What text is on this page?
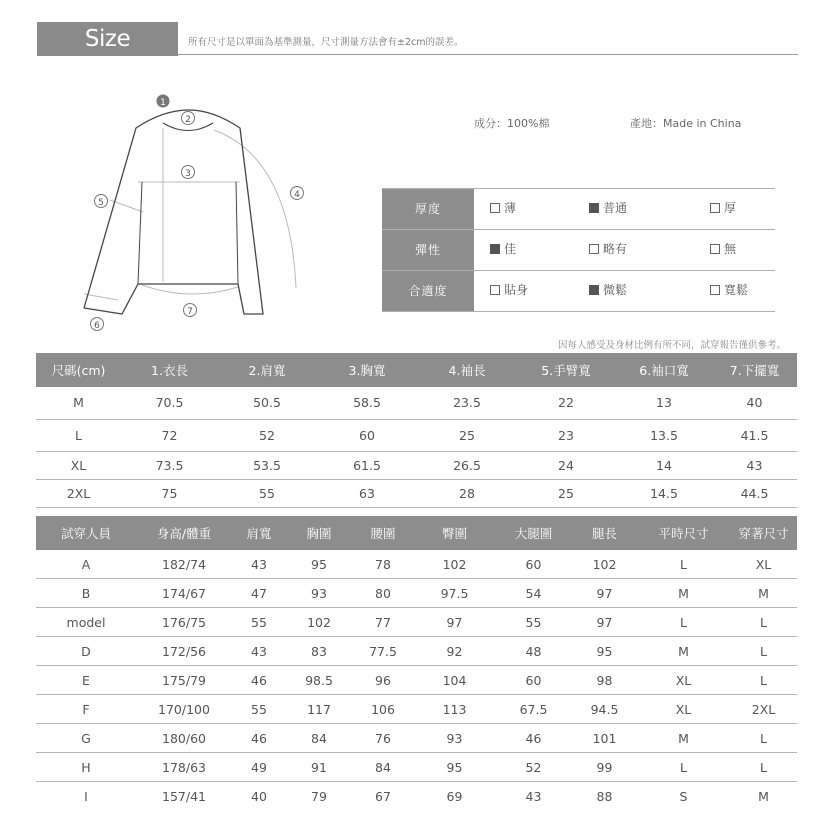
Size Information
所有尺寸是以單面為基準測量，尺寸測量方法會有±2cm的誤差。
1
2
3
4
5
6
7
成分：100%棉	產地：Made in China
厚度	薄	普通	厚
彈性	佳	略有	無
合適度	貼身	微鬆	寬鬆
因每人感受及身材比例有所不同，試穿報告僅供參考。
尺碼(cm)	1.衣長	2.肩寬	3.胸寬	4.袖長	5.手臂寬	6.袖口寬	7.下擺寬
M	70.5	50.5	58.5	23.5	22	13	40
L	72	52	60	25	23	13.5	41.5
XL	73.5	53.5	61.5	26.5	24	14	43
2XL	75	55	63	28	25	14.5	44.5
試穿人員	身高/體重	肩寬	胸圍	腰圍	臀圍	大腿圍	腿長	平時尺寸	穿著尺寸
A	182/74	43	95	78	102	60	102	L	XL
B	174/67	47	93	80	97.5	54	97	M	M
model	176/75	55	102	77	97	55	97	L	L
D	172/56	43	83	77.5	92	48	95	M	L
E	175/79	46	98.5	96	104	60	98	XL	L
F	170/100	55	117	106	113	67.5	94.5	XL	2XL
G	180/60	46	84	76	93	46	101	M	L
H	178/63	49	91	84	95	52	99	L	L
I	157/41	40	79	67	69	43	88	S	M
